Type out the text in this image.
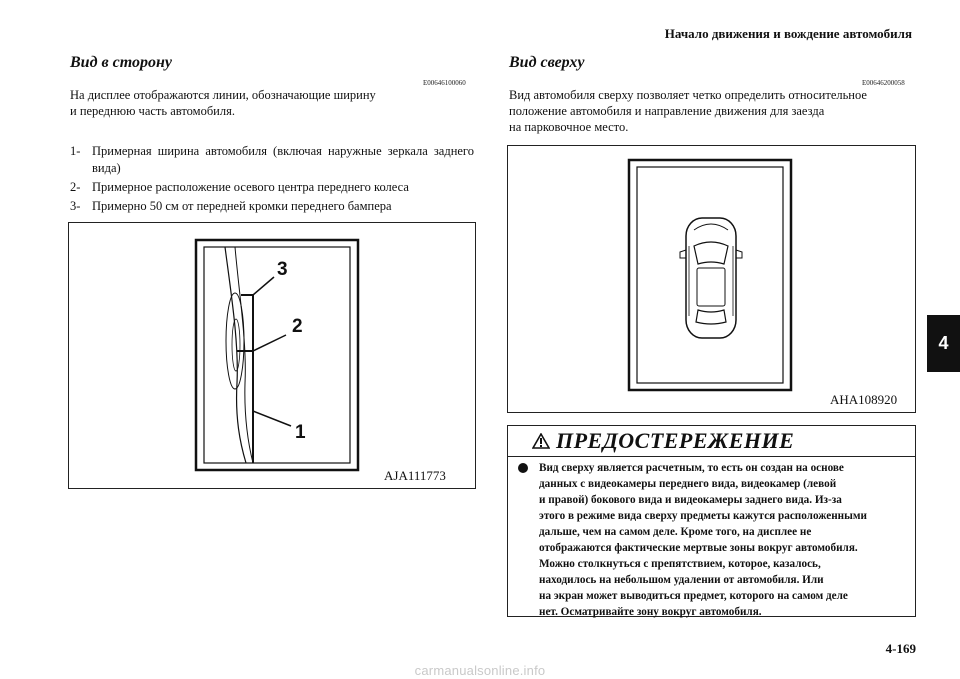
Начало движения и вождение автомобиля
4
Вид в сторону
E00646100060
На дисплее отображаются линии, обозначающие ширину
и переднюю часть автомобиля.
1- Примерная ширина автомобиля (включая наружные зеркала заднего вида)
2- Примерное расположение осевого центра переднего колеса
3- Примерно 50 см от передней кромки переднего бампера
3
2
1
AJA111773
Вид сверху
E00646200058
Вид автомобиля сверху позволяет четко определить относительное
положение автомобиля и направление движения для заезда
на парковочное место.
AHA108920
ПРЕДОСТЕРЕЖЕНИЕ
Вид сверху является расчетным, то есть он создан на основе
данных с видеокамеры переднего вида, видеокамер (левой
и правой) бокового вида и видеокамеры заднего вида. Из-за
этого в режиме вида сверху предметы кажутся расположенными
дальше, чем на самом деле. Кроме того, на дисплее не
отображаются фактические мертвые зоны вокруг автомобиля.
Можно столкнуться с препятствием, которое, казалось,
находилось на небольшом удалении от автомобиля. Или
на экран может выводиться предмет, которого на самом деле
нет. Осматривайте зону вокруг автомобиля.
4-169
carmanualsonline.info
